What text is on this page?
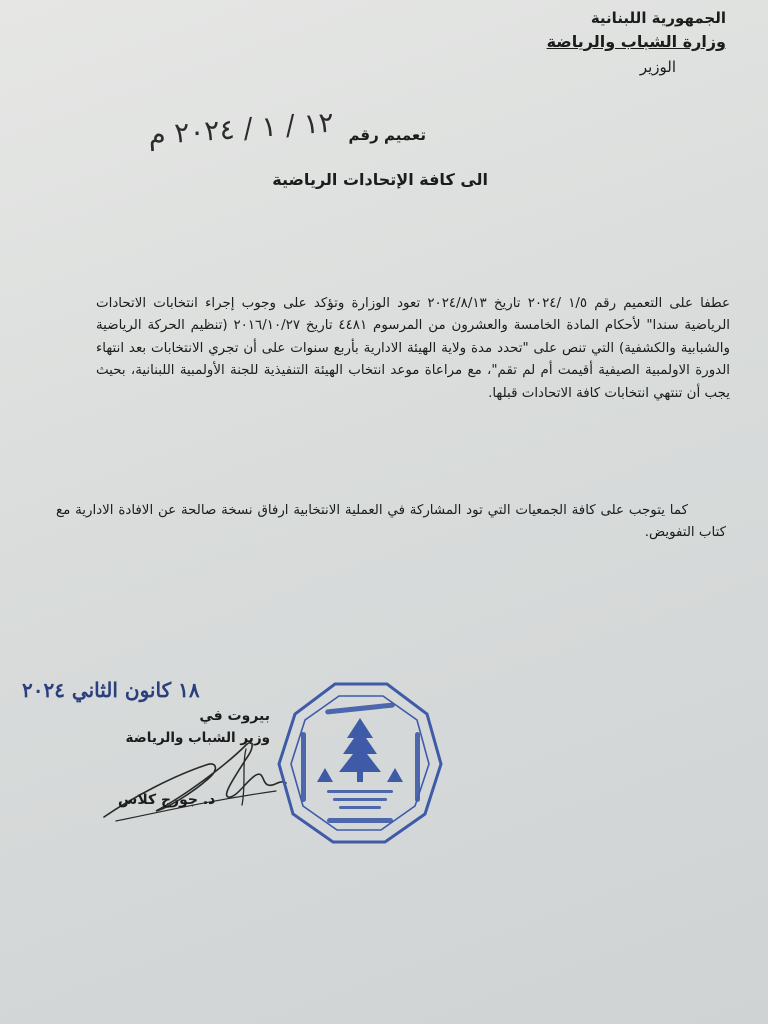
الجمهورية اللبنانية
وزارة الشباب والرياضة
الوزير
تعميم رقم
١٢ / ١ / ٢٠٢٤ م
الى كافة الإتحادات الرياضية
عطفا على التعميم رقم ١/٥ /٢٠٢٤ تاريخ ٢٠٢٤/٨/١٣ تعود الوزارة وتؤكد على وجوب إجراء انتخابات الاتحادات الرياضية سندا" لأحكام المادة الخامسة والعشرون من المرسوم ٤٤٨١ تاريخ ٢٠١٦/١٠/٢٧ (تنظيم الحركة الرياضية والشبابية والكشفية) التي تنص على "تحدد مدة ولاية الهيئة الادارية بأربع سنوات على أن تجري الانتخابات بعد انتهاء الدورة الاولمبية الصيفية أقيمت أم لم تقم"، مع مراعاة موعد انتخاب الهيئة التنفيذية للجنة الأولمبية اللبنانية، بحيث يجب أن تنتهي انتخابات كافة الاتحادات قبلها.
كما يتوجب على كافة الجمعيات التي تود المشاركة في العملية الانتخابية ارفاق نسخة صالحة عن الافادة الادارية مع كتاب التفويض.
١٨ كانون الثاني ٢٠٢٤
بيروت في
وزير الشباب والرياضة
د. جورج كلاس
